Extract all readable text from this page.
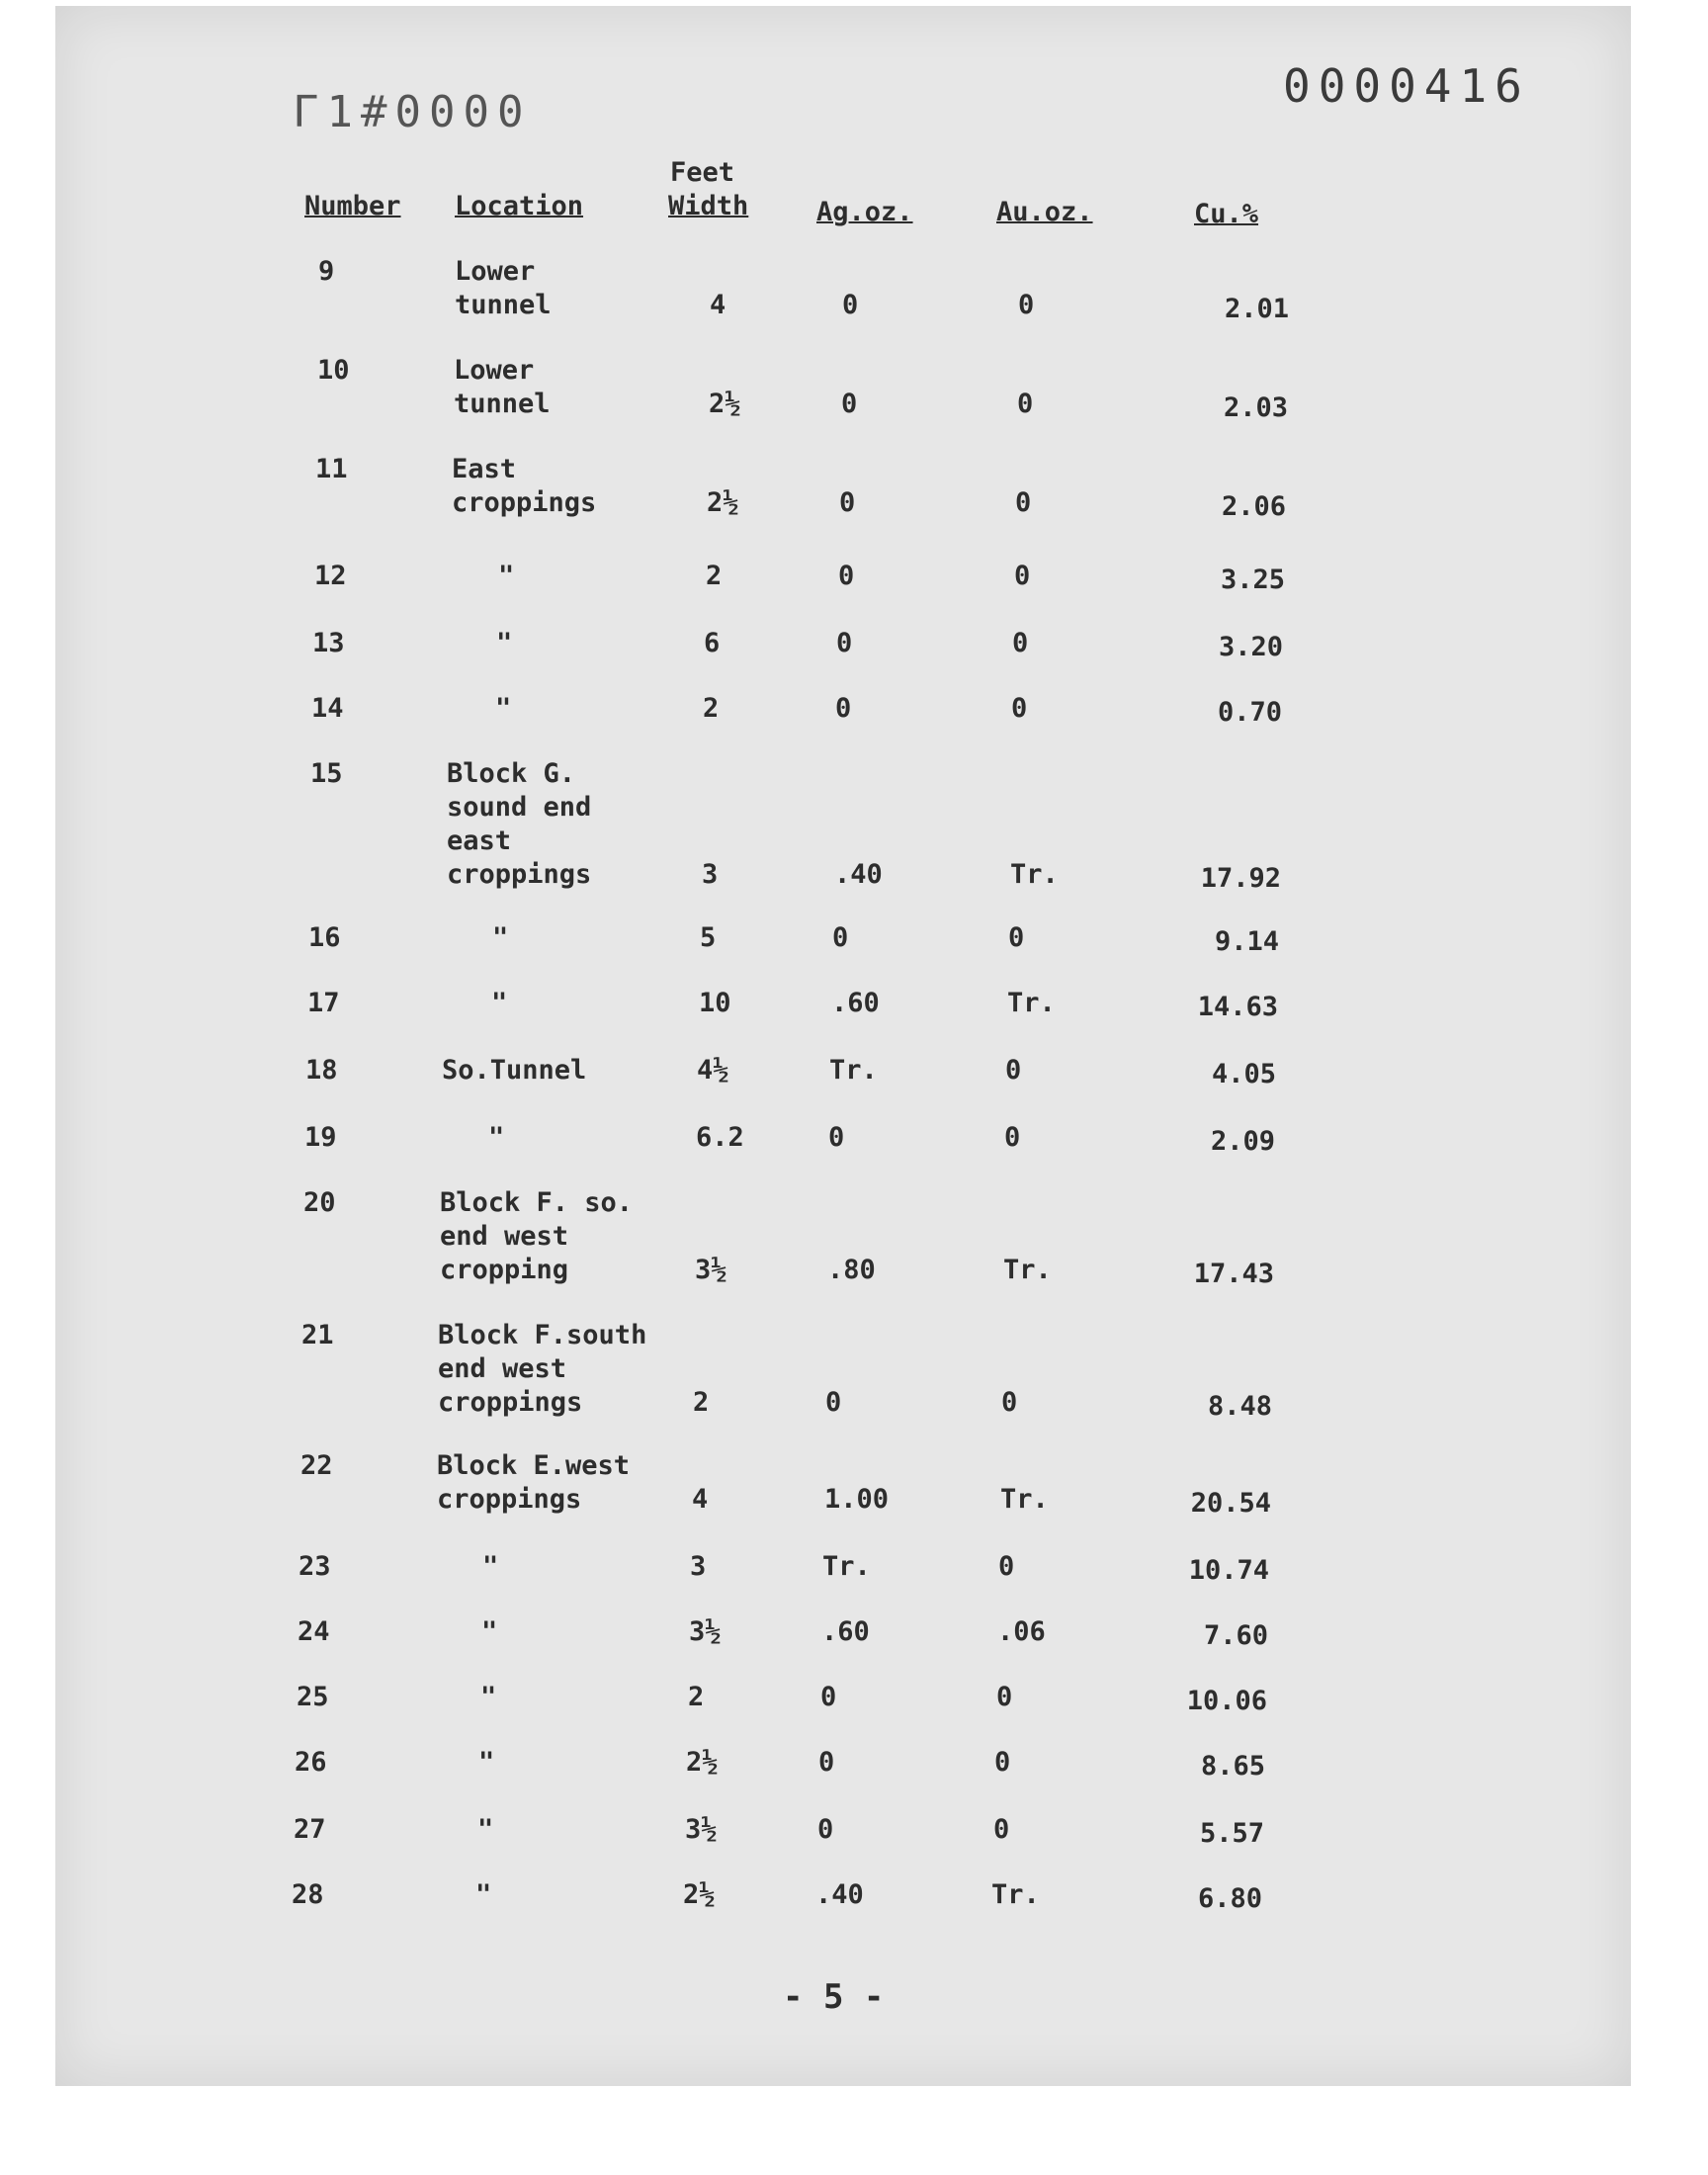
Г1#0000	0000416
Number Location
Feet
Width	Ag.oz.	Au.oz.	Cu.%
9	Lower
tunnel	4	0	0	2.01
10	Lower
tunnel	2½	0	0	2.03
11	East
croppings	2½	0	0	2.06
12	"	2	0	0	3.25
13	"	6	0	0	3.20
14	"	2	0	0	0.70
15	Block G.
sound end
east
croppings	3	.40	Tr.	17.92
16	"	5	0	0	9.14
17	"	10	.60	Tr.	14.63
18	So.Tunnel	4½	Tr.	0	4.05
19	"	6.2	0	0	2.09
20	Block F. so.
end west
cropping	3½	.80	Tr.	17.43
21	Block F.south
end west
croppings	2	0	0	8.48
22	Block E.west
croppings	4	1.00	Tr.	20.54
23	"	3	Tr.	0	10.74
24	"	3½	.60	.06	7.60
25	"	2	0	0	10.06
26	"	2½	0	0	8.65
27	"	3½	0	0	5.57
28	"	2½	.40	Tr.	6.80
- 5 -
